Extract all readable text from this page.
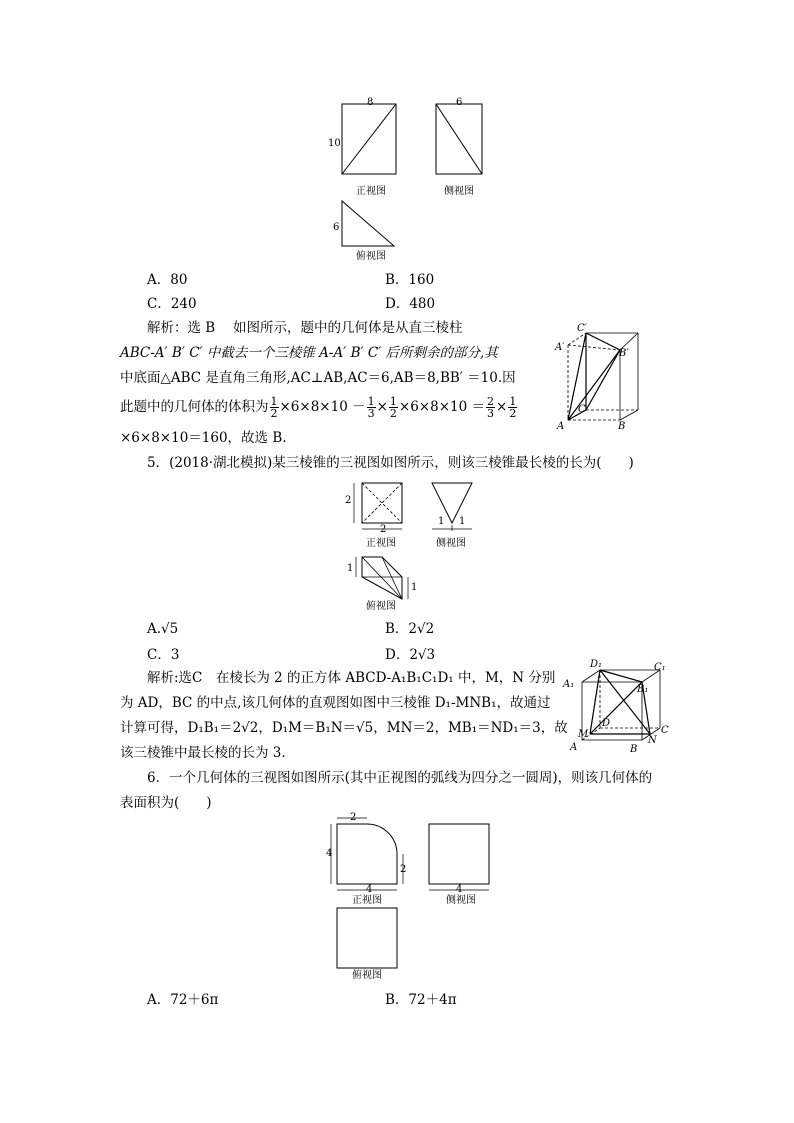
8
10
6
6
正视图	侧视图
俯视图
A．80	B．160
C．240	D．480
解析：选 B　 如图所示，题中的几何体是从直三棱柱
ABC-A′ B′ C′ 中截去一个三棱锥 A-A′ B′ C′ 后所剩余的部分,其
中底面△ABC 是直角三角形,AC⊥AB,AC＝6,AB＝8,BB′ ＝10.因
此题中的几何体的体积为 $\frac{1}{2} \times 6\times 8\times 10 - \frac{1}{3} \times \frac{1}{2} \times 6\times 8\times 10 = \frac{2}{3} \times \frac{1}{2}$
×6×8×10＝160，故选 B.
C′
A′
B′
A	B
C
5．(2018·湖北模拟)某三棱锥的三视图如图所示，则该三棱锥最长棱的长为(　　)
2
2
1 1
1
1
正视图	侧视图
俯视图
A.√5	B．2√2
C．3	D．2√3
解析:选C　在棱长为 2 的正方体 ABCD-A₁B₁C₁D₁ 中，M，N 分别
为 AD，BC 的中点,该几何体的直观图如图中三棱锥 D₁-MNB₁，故通过
计算可得，D₁B₁＝2√2，D₁M＝B₁N＝√5，MN＝2，MB₁＝ND₁＝3，故
该三棱锥中最长棱的长为 3.
D₁	C₁
A₁	B₁
D
M	C
N
A	B
6．一个几何体的三视图如图所示(其中正视图的弧线为四分之一圆周)，则该几何体的
表面积为(　　)
2
4
2
4	4
正视图	侧视图
俯视图
A．72＋6π	B．72＋4π
